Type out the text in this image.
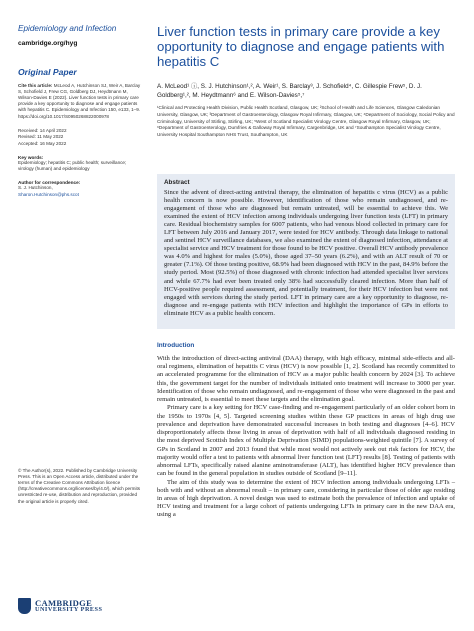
Epidemiology and Infection
cambridge.org/hyg
Original Paper
Cite this article: McLeod A, Hutchinson SJ, Weir A, Barclay S, Schofield J, Frew CG, Goldberg DJ, Heydtmann M, Wilson-Davies E (2022). Liver function tests in primary care provide a key opportunity to diagnose and engage patients with hepatitis C. Epidemiology and Infection 150, e133, 1–9. https://doi.org/10.1017/S0950268822000978
Received: 14 April 2022
Revised: 11 May 2022
Accepted: 16 May 2022
Key words:
Epidemiology; hepatitis C; public health; surveillance; virology (human) and epidemiology
Author for correspondence:
S. J. Hutchinson,
Sharon.Hutchinson@phs.scot
© The Author(s), 2022. Published by Cambridge University Press. This is an Open Access article, distributed under the terms of the Creative Commons Attribution licence (http://creativecommons.org/licenses/by/4.0/), which permits unrestricted re-use, distribution and reproduction, provided the original article is properly cited.
CAMBRIDGE
UNIVERSITY PRESS
Liver function tests in primary care provide a key opportunity to diagnose and engage patients with hepatitis C
A. McLeod¹ ⓘ, S. J. Hutchinson¹,², A. Weir¹, S. Barclay³, J. Schofield⁴, C. Gillespie Frew⁵, D. J. Goldberg¹,², M. Heydtmann⁶ and E. Wilson-Davies⁵,⁷
¹Clinical and Protecting Health Division, Public Health Scotland, Glasgow, UK; ²School of Health and Life Sciences, Glasgow Caledonian University, Glasgow, UK; ³Department of Gastroenterology, Glasgow Royal Infirmary, Glasgow, UK; ⁴Department of Sociology, Social Policy and Criminology, University of Stirling, Stirling, UK; ⁵West of Scotland Specialist Virology Centre, Glasgow Royal Infirmary, Glasgow, UK; ⁶Department of Gastroenterology, Dumfries & Galloway Royal Infirmary, Cargenbridge, UK and ⁷Southampton Specialist Virology Centre, University Hospital Southampton NHS Trust, Southampton, UK
Abstract

Since the advent of direct-acting antiviral therapy, the elimination of hepatitis c virus (HCV) as a public health concern is now possible. However, identification of those who remain undiagnosed, and re-engagement of those who are diagnosed but remain untreated, will be essential to achieve this. We examined the extent of HCV infection among individuals undergoing liver function tests (LFT) in primary care. Residual biochemistry samples for 6007 patients, who had venous blood collected in primary care for LFT between July 2016 and January 2017, were tested for HCV antibody. Through data linkage to national and sentinel HCV surveillance databases, we also examined the extent of diagnosed infection, attendance at specialist service and HCV treatment for those found to be HCV positive. Overall HCV antibody prevalence was 4.0% and highest for males (5.0%), those aged 37–50 years (6.2%), and with an ALT result of 70 or greater (7.1%). Of those testing positive, 68.9% had been diagnosed with HCV in the past, 84.9% before the study period. Most (92.5%) of those diagnosed with chronic infection had attended specialist liver services and while 67.7% had ever been treated only 38% had successfully cleared infection. More than half of HCV-positive people required assessment, and potentially treatment, for their HCV infection but were not engaged with services during the study period. LFT in primary care are a key opportunity to diagnose, re-diagnose and re-engage patients with HCV infection and highlight the importance of GPs in efforts to eliminate HCV as a public health concern.

Introduction

With the introduction of direct-acting antiviral (DAA) therapy, with high efficacy, minimal side-effects and all-oral regimens, elimination of hepatitis C virus (HCV) is now possible [1, 2]. Scotland has recently committed to an accelerated programme for the elimination of HCV as a major public health concern by 2024 [3]. To achieve this, the government target for the number of individuals initiated onto treatment will increase to 3000 per year. Identification of those who remain undiagnosed, and re-engagement of those who were diagnosed in the past and remain untreated, is essential to meet these targets and the elimination goal.

Primary care is a key setting for HCV case-finding and re-engagement particularly of an older cohort born in the 1950s to 1970s [4, 5]. Targeted screening studies within these GP practices in areas of high drug use prevalence and deprivation have demonstrated successful increases in both testing and diagnoses [4–6]. HCV disproportionately affects those living in areas of deprivation with half of all individuals diagnosed residing in the most deprived Scottish Index of Multiple Deprivation (SIMD) populations-weighted quintile [7]. A survey of GPs in Scotland in 2007 and 2013 found that while most would not actively seek out risk factors for HCV, the majority would offer a test to patients with abnormal liver function test (LFT) results [8]. Testing of patients with abnormal LFTs, specifically raised alanine aminotransferase (ALT), has identified higher HCV prevalence than can be found in the general population in studies outside of Scotland [9–11].

The aim of this study was to determine the extent of HCV infection among individuals undergoing LFTs – both with and without an abnormal result – in primary care, considering in particular those of older age residing in areas of high deprivation. A novel design was used to estimate both the prevalence of infection and uptake of HCV testing and treatment for a large cohort of patients undergoing LFTs in primary care in the new DAA era, using a
